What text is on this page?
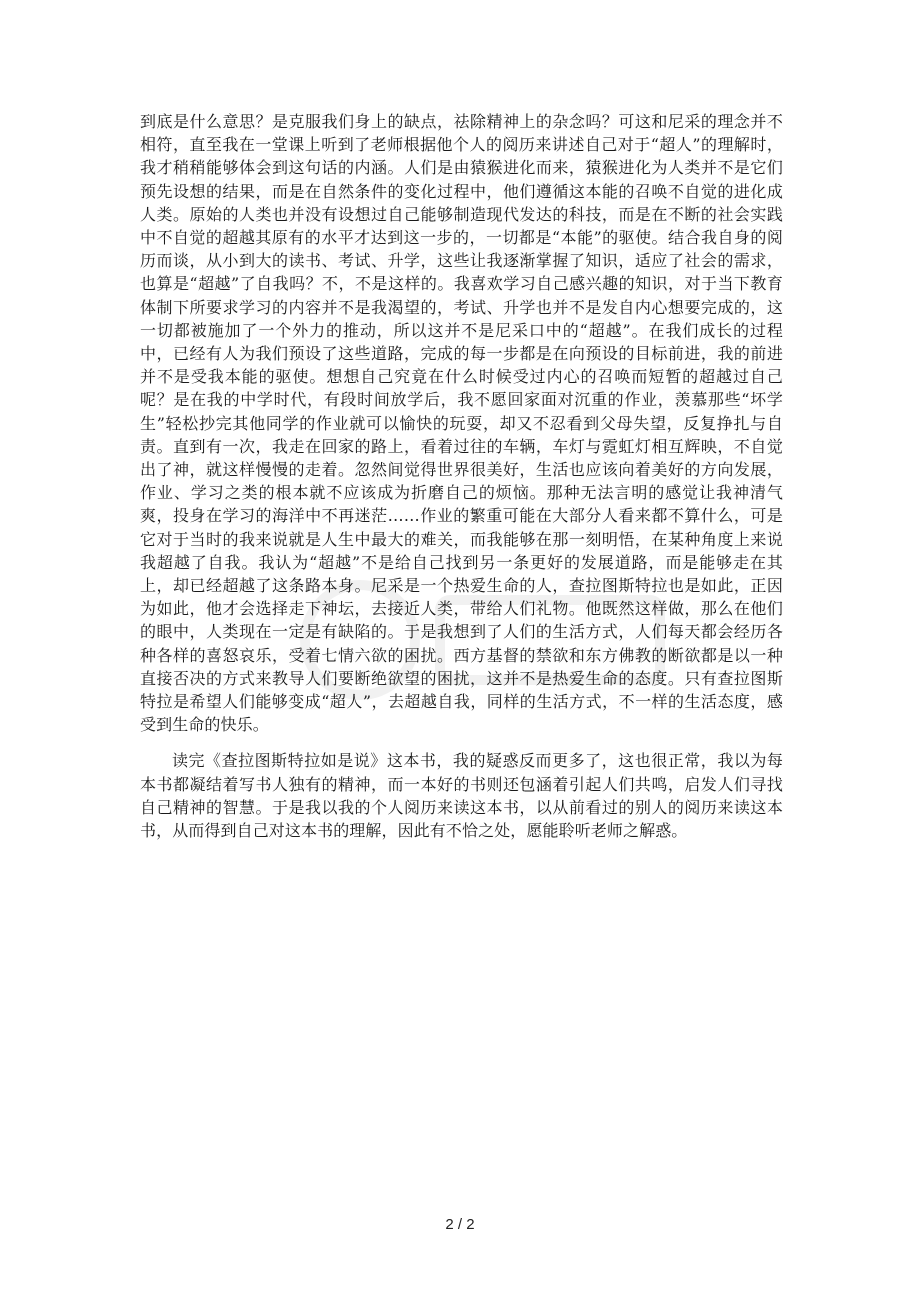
到底是什么意思？是克服我们身上的缺点，祛除精神上的杂念吗？可这和尼采的理念并不相符，直至我在一堂课上听到了老师根据他个人的阅历来讲述自己对于“超人”的理解时，我才稍稍能够体会到这句话的内涵。人们是由猿猴进化而来，猿猴进化为人类并不是它们预先设想的结果，而是在自然条件的变化过程中，他们遵循这本能的召唤不自觉的进化成人类。原始的人类也并没有设想过自己能够制造现代发达的科技，而是在不断的社会实践中不自觉的超越其原有的水平才达到这一步的，一切都是“本能”的驱使。结合我自身的阅历而谈，从小到大的读书、考试、升学，这些让我逐渐掌握了知识，适应了社会的需求，也算是“超越”了自我吗？不，不是这样的。我喜欢学习自己感兴趣的知识，对于当下教育体制下所要求学习的内容并不是我渴望的，考试、升学也并不是发自内心想要完成的，这一切都被施加了一个外力的推动，所以这并不是尼采口中的“超越”。在我们成长的过程中，已经有人为我们预设了这些道路，完成的每一步都是在向预设的目标前进，我的前进并不是受我本能的驱使。想想自己究竟在什么时候受过内心的召唤而短暂的超越过自己呢？是在我的中学时代，有段时间放学后，我不愿回家面对沉重的作业，羡慕那些“坏学生”轻松抄完其他同学的作业就可以愉快的玩耍，却又不忍看到父母失望，反复挣扎与自责。直到有一次，我走在回家的路上，看着过往的车辆，车灯与霓虹灯相互辉映，不自觉出了神，就这样慢慢的走着。忽然间觉得世界很美好，生活也应该向着美好的方向发展，作业、学习之类的根本就不应该成为折磨自己的烦恼。那种无法言明的感觉让我神清气爽，投身在学习的海洋中不再迷茫……作业的繁重可能在大部分人看来都不算什么，可是它对于当时的我来说就是人生中最大的难关，而我能够在那一刻明悟，在某种角度上来说我超越了自我。我认为“超越”不是给自己找到另一条更好的发展道路，而是能够走在其上，却已经超越了这条路本身。尼采是一个热爱生命的人，查拉图斯特拉也是如此，正因为如此，他才会选择走下神坛，去接近人类，带给人们礼物。他既然这样做，那么在他们的眼中，人类现在一定是有缺陷的。于是我想到了人们的生活方式，人们每天都会经历各种各样的喜怒哀乐，受着七情六欲的困扰。西方基督的禁欲和东方佛教的断欲都是以一种直接否决的方式来教导人们要断绝欲望的困扰，这并不是热爱生命的态度。只有查拉图斯特拉是希望人们能够变成“超人”，去超越自我，同样的生活方式，不一样的生活态度，感受到生命的快乐。

读完《查拉图斯特拉如是说》这本书，我的疑惑反而更多了，这也很正常，我以为每本书都凝结着写书人独有的精神，而一本好的书则还包涵着引起人们共鸣，启发人们寻找自己精神的智慧。于是我以我的个人阅历来读这本书，以从前看过的别人的阅历来读这本书，从而得到自己对这本书的理解，因此有不恰之处，愿能聆听老师之解惑。

2 / 2
